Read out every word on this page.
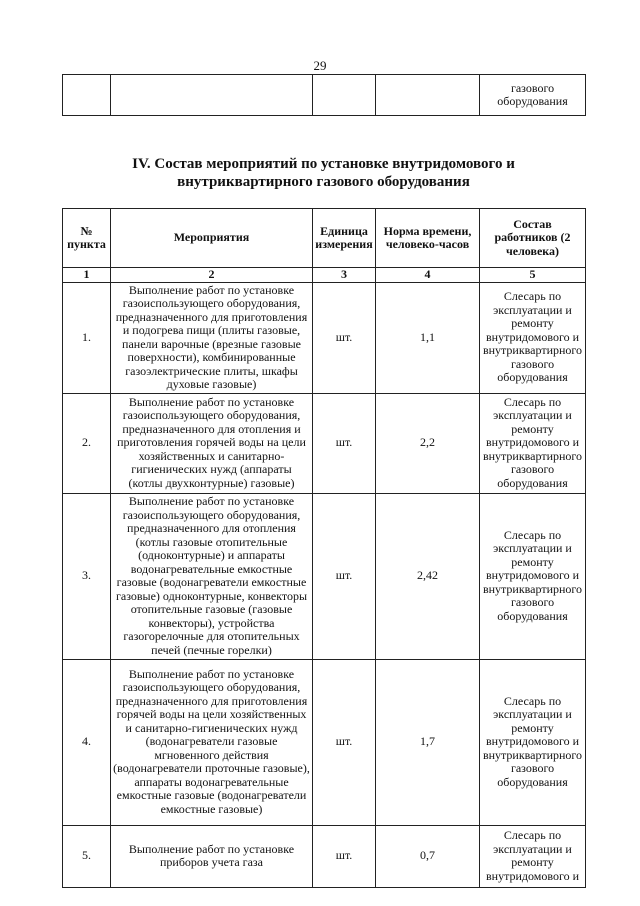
29
				газового оборудования
IV. Состав мероприятий по установке внутридомового и
внутриквартирного газового оборудования
№ пункта	Мероприятия	Единица измерения	Норма времени, человеко-часов	Состав работников (2 человека)
1	2	3	4	5
1.	Выполнение работ по установке газоиспользующего оборудования, предназначенного для приготовления и подогрева пищи (плиты газовые, панели варочные (врезные газовые поверхности), комбинированные газоэлектрические плиты, шкафы духовые газовые)	шт.	1,1	Слесарь по эксплуатации и ремонту внутридомового и внутриквартирного газового оборудования
2.	Выполнение работ по установке газоиспользующего оборудования, предназначенного для отопления и приготовления горячей воды на цели хозяйственных и санитарно-гигиенических нужд (аппараты (котлы двухконтурные) газовые)	шт.	2,2	Слесарь по эксплуатации и ремонту внутридомового и внутриквартирного газового оборудования
3.	Выполнение работ по установке газоиспользующего оборудования, предназначенного для отопления (котлы газовые отопительные (одноконтурные) и аппараты водонагревательные емкостные газовые (водонагреватели емкостные газовые) одноконтурные, конвекторы отопительные газовые (газовые конвекторы), устройства газогорелочные для отопительных печей (печные горелки)	шт.	2,42	Слесарь по эксплуатации и ремонту внутридомового и внутриквартирного газового оборудования
4.	Выполнение работ по установке газоиспользующего оборудования, предназначенного для приготовления горячей воды на цели хозяйственных и санитарно-гигиенических нужд (водонагреватели газовые мгновенного действия (водонагреватели проточные газовые), аппараты водонагревательные емкостные газовые (водонагреватели емкостные газовые)	шт.	1,7	Слесарь по эксплуатации и ремонту внутридомового и внутриквартирного газового оборудования
5.	Выполнение работ по установке приборов учета газа	шт.	0,7	Слесарь по эксплуатации и ремонту внутридомового и
